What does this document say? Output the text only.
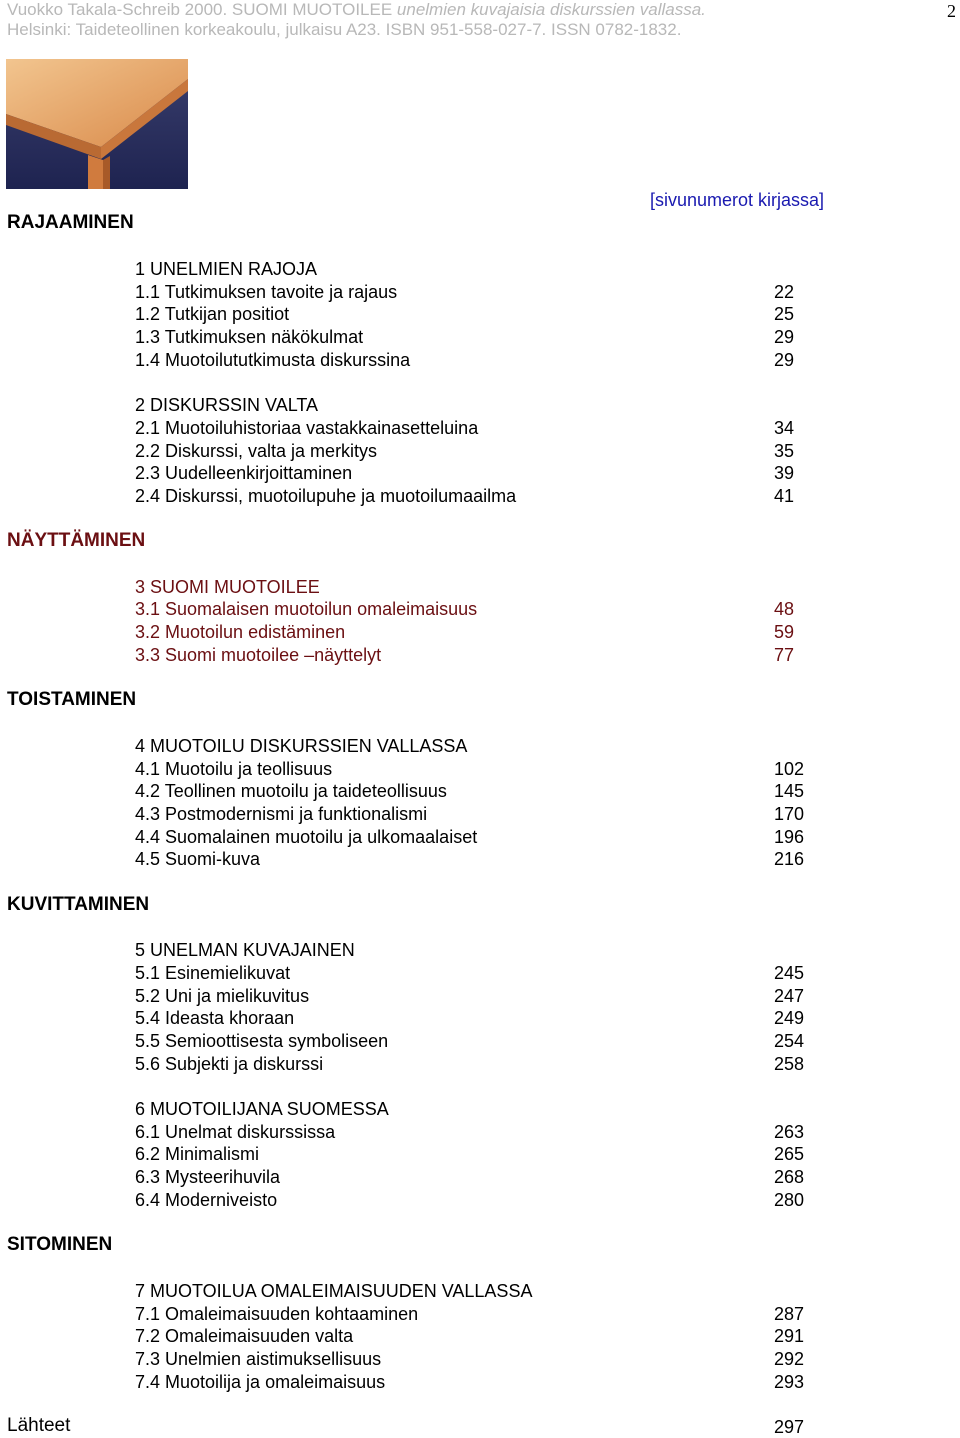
Vuokko Takala-Schreib 2000. SUOMI MUOTOILEE unelmien kuvajaisia diskurssien vallassa.
Helsinki: Taideteollinen korkeakoulu, julkaisu A23. ISBN 951-558-027-7. ISSN 0782-1832.
2
[sivunumerot kirjassa]
RAJAAMINEN
NÄYTTÄMINEN
TOISTAMINEN
KUVITTAMINEN
SITOMINEN
1 UNELMIEN RAJOJA
1.1 Tutkimuksen tavoite ja rajaus	22
1.2 Tutkijan positiot	25
1.3 Tutkimuksen näkökulmat	29
1.4 Muotoilututkimusta diskurssina	29
2 DISKURSSIN VALTA
2.1 Muotoiluhistoriaa vastakkainasetteluina	34
2.2 Diskurssi, valta ja merkitys	35
2.3 Uudelleenkirjoittaminen	39
2.4 Diskurssi, muotoilupuhe ja muotoilumaailma	41
3 SUOMI MUOTOILEE
3.1 Suomalaisen muotoilun omaleimaisuus	48
3.2 Muotoilun edistäminen	59
3.3 Suomi muotoilee –näyttelyt	77
4 MUOTOILU DISKURSSIEN VALLASSA
4.1 Muotoilu ja teollisuus	102
4.2 Teollinen muotoilu ja taideteollisuus	145
4.3 Postmodernismi ja funktionalismi	170
4.4 Suomalainen muotoilu ja ulkomaalaiset	196
4.5 Suomi-kuva	216
5 UNELMAN KUVAJAINEN
5.1 Esinemielikuvat	245
5.2 Uni ja mielikuvitus	247
5.4 Ideasta khoraan	249
5.5 Semioottisesta symboliseen	254
5.6 Subjekti ja diskurssi	258
6 MUOTOILIJANA SUOMESSA
6.1 Unelmat diskurssissa	263
6.2 Minimalismi	265
6.3 Mysteerihuvila	268
6.4 Moderniveisto	280
7 MUOTOILUA OMALEIMAISUUDEN VALLASSA
7.1 Omaleimaisuuden kohtaaminen	287
7.2 Omaleimaisuuden valta	291
7.3 Unelmien aistimuksellisuus	292
7.4 Muotoilija ja omaleimaisuus	293
Lähteet	297
